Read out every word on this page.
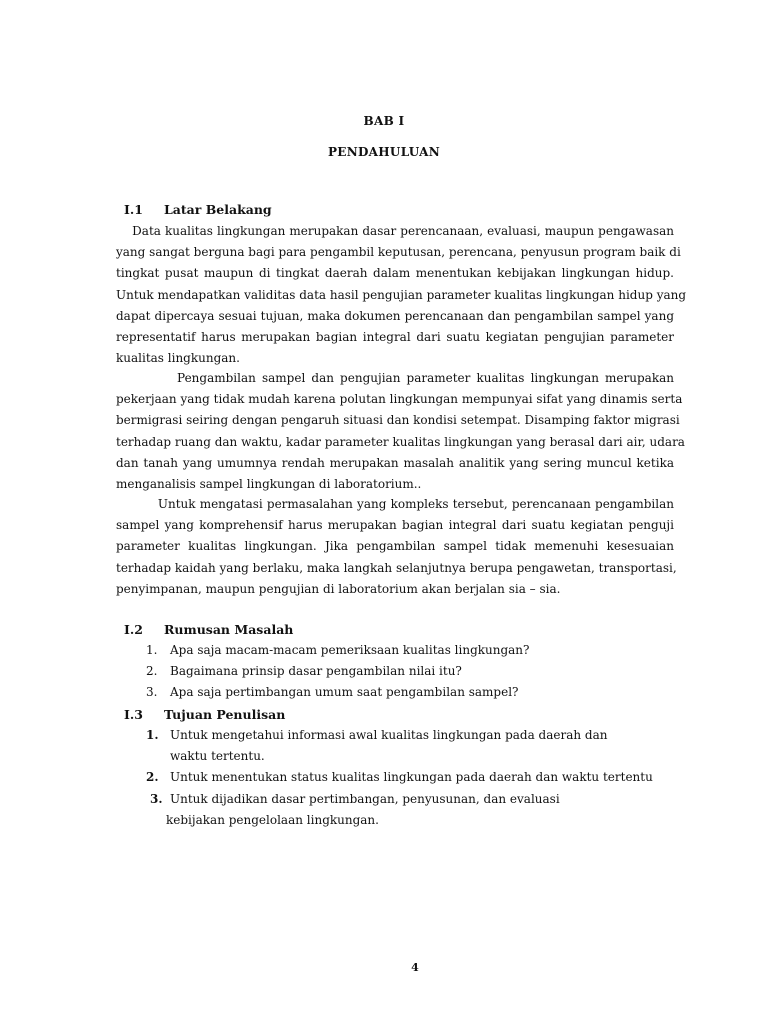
BAB I
PENDAHULUAN
I.1 Latar Belakang
Data kualitas lingkungan merupakan dasar perencanaan, evaluasi, maupun pengawasan
yang sangat berguna bagi para pengambil keputusan, perencana, penyusun program baik di
tingkat pusat maupun di tingkat daerah dalam menentukan kebijakan lingkungan hidup.
Untuk mendapatkan validitas data hasil pengujian parameter kualitas lingkungan hidup yang
dapat dipercaya sesuai tujuan, maka dokumen perencanaan dan pengambilan sampel yang
representatif harus merupakan bagian integral dari suatu kegiatan pengujian parameter
kualitas lingkungan.
Pengambilan sampel dan pengujian parameter kualitas lingkungan merupakan
pekerjaan yang tidak mudah karena polutan lingkungan mempunyai sifat yang dinamis serta
bermigrasi seiring dengan pengaruh situasi dan kondisi setempat. Disamping faktor migrasi
terhadap ruang dan waktu, kadar parameter kualitas lingkungan yang berasal dari air, udara
dan tanah yang umumnya rendah merupakan masalah analitik yang sering muncul ketika
menganalisis sampel lingkungan di laboratorium..
Untuk mengatasi permasalahan yang kompleks tersebut, perencanaan pengambilan
sampel yang komprehensif harus merupakan bagian integral dari suatu kegiatan penguji
parameter kualitas lingkungan. Jika pengambilan sampel tidak memenuhi kesesuaian
terhadap kaidah yang berlaku, maka langkah selanjutnya berupa pengawetan, transportasi,
penyimpanan, maupun pengujian di laboratorium akan berjalan sia – sia.
I.2 Rumusan Masalah
1. Apa saja macam-macam pemeriksaan kualitas lingkungan?
2. Bagaimana prinsip dasar pengambilan nilai itu?
3. Apa saja pertimbangan umum saat pengambilan sampel?
I.3 Tujuan Penulisan
1. Untuk mengetahui informasi awal kualitas lingkungan pada daerah dan
waktu tertentu.
2. Untuk menentukan status kualitas lingkungan pada daerah dan waktu tertentu
3. Untuk dijadikan dasar pertimbangan, penyusunan, dan evaluasi
kebijakan pengelolaan lingkungan.
4
